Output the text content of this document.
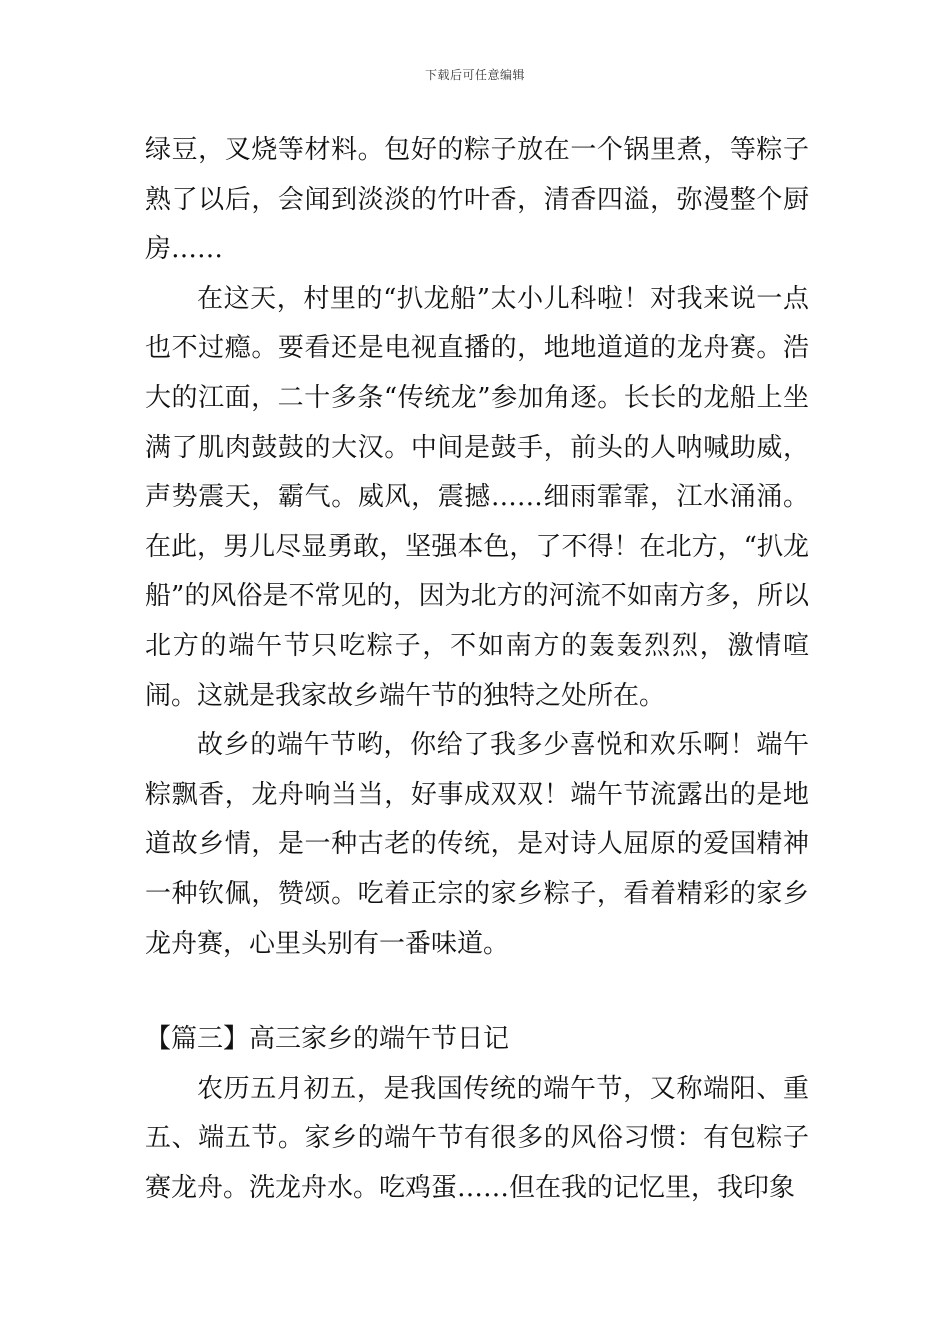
下载后可任意编辑

绿豆，叉烧等材料。包好的粽子放在一个锅里煮，等粽子熟了以后，会闻到淡淡的竹叶香，清香四溢，弥漫整个厨房……

在这天，村里的“扒龙船”太小儿科啦！对我来说一点也不过瘾。要看还是电视直播的，地地道道的龙舟赛。浩大的江面，二十多条“传统龙”参加角逐。长长的龙船上坐满了肌肉鼓鼓的大汉。中间是鼓手，前头的人呐喊助威，声势震天，霸气。威风，震撼……细雨霏霏，江水涌涌。在此，男儿尽显勇敢，坚强本色，了不得！在北方，“扒龙船”的风俗是不常见的，因为北方的河流不如南方多，所以北方的端午节只吃粽子，不如南方的轰轰烈烈，激情喧闹。这就是我家故乡端午节的独特之处所在。

故乡的端午节哟，你给了我多少喜悦和欢乐啊！端午粽飘香，龙舟响当当，好事成双双！端午节流露出的是地道故乡情，是一种古老的传统，是对诗人屈原的爱国精神一种钦佩，赞颂。吃着正宗的家乡粽子，看着精彩的家乡龙舟赛，心里头别有一番味道。

【篇三】高三家乡的端午节日记

农历五月初五，是我国传统的端午节，又称端阳、重五、端五节。家乡的端午节有很多的风俗习惯：有包粽子赛龙舟。洗龙舟水。吃鸡蛋……但在我的记忆里，我印象
